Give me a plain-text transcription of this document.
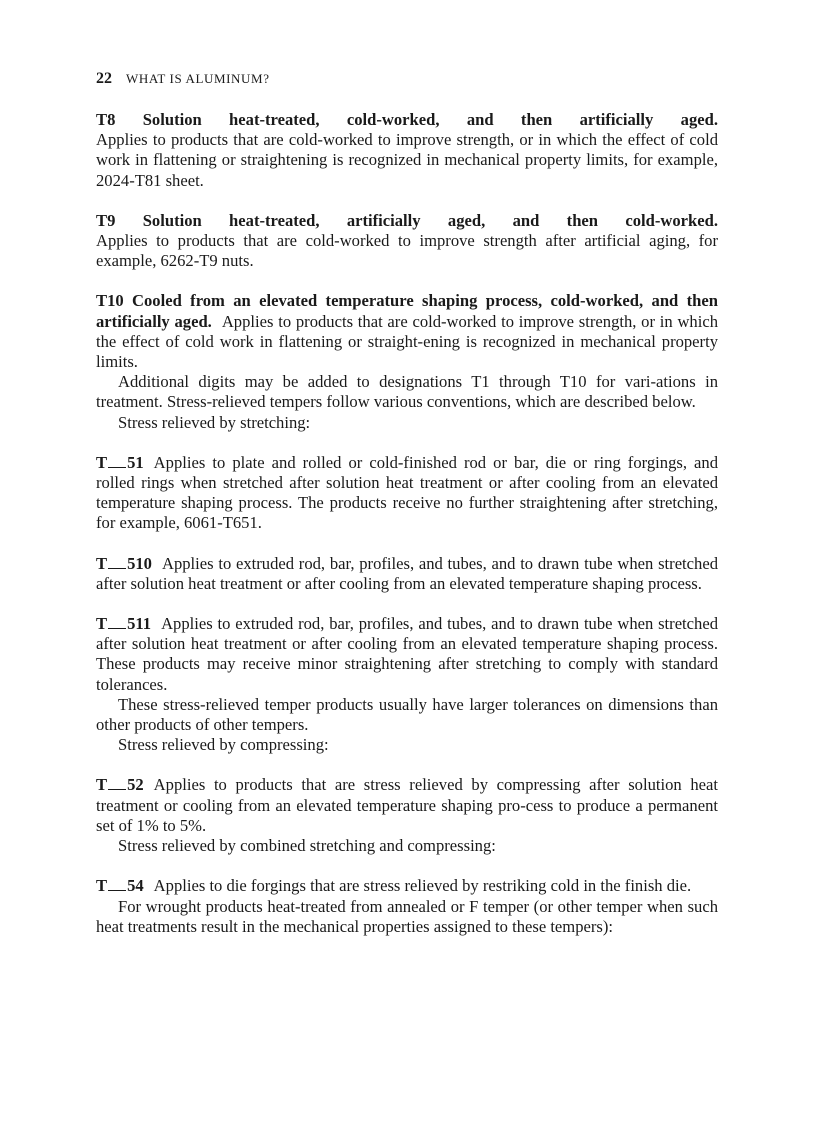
22 WHAT IS ALUMINUM?
T8 Solution heat-treated, cold-worked, and then artificially aged.
Applies to products that are cold-worked to improve strength, or in which the effect of cold work in flattening or straightening is recognized in mechanical property limits, for example, 2024-T81 sheet.
T9 Solution heat-treated, artificially aged, and then cold-worked.
Applies to products that are cold-worked to improve strength after artificial aging, for example, 6262-T9 nuts.

T10 Cooled from an elevated temperature shaping process, cold-worked, and then artificially aged. Applies to products that are cold-worked to improve strength, or in which the effect of cold work in flattening or straight-ening is recognized in mechanical property limits.

Additional digits may be added to designations T1 through T10 for vari-ations in treatment. Stress-relieved tempers follow various conventions, which are described below.

Stress relieved by stretching:

T 51 Applies to plate and rolled or cold-finished rod or bar, die or ring forgings, and rolled rings when stretched after solution heat treatment or after cooling from an elevated temperature shaping process. The products receive no further straightening after stretching, for example, 6061-T651.

T 510 Applies to extruded rod, bar, profiles, and tubes, and to drawn tube when stretched after solution heat treatment or after cooling from an elevated temperature shaping process.

T 511 Applies to extruded rod, bar, profiles, and tubes, and to drawn tube when stretched after solution heat treatment or after cooling from an elevated temperature shaping process. These products may receive minor straightening after stretching to comply with standard tolerances.

These stress-relieved temper products usually have larger tolerances on dimensions than other products of other tempers.

Stress relieved by compressing:

T 52 Applies to products that are stress relieved by compressing after solution heat treatment or cooling from an elevated temperature shaping pro-cess to produce a permanent set of 1% to 5%.

Stress relieved by combined stretching and compressing:

T 54 Applies to die forgings that are stress relieved by restriking cold in the finish die.

For wrought products heat-treated from annealed or F temper (or other temper when such heat treatments result in the mechanical properties assigned to these tempers):
